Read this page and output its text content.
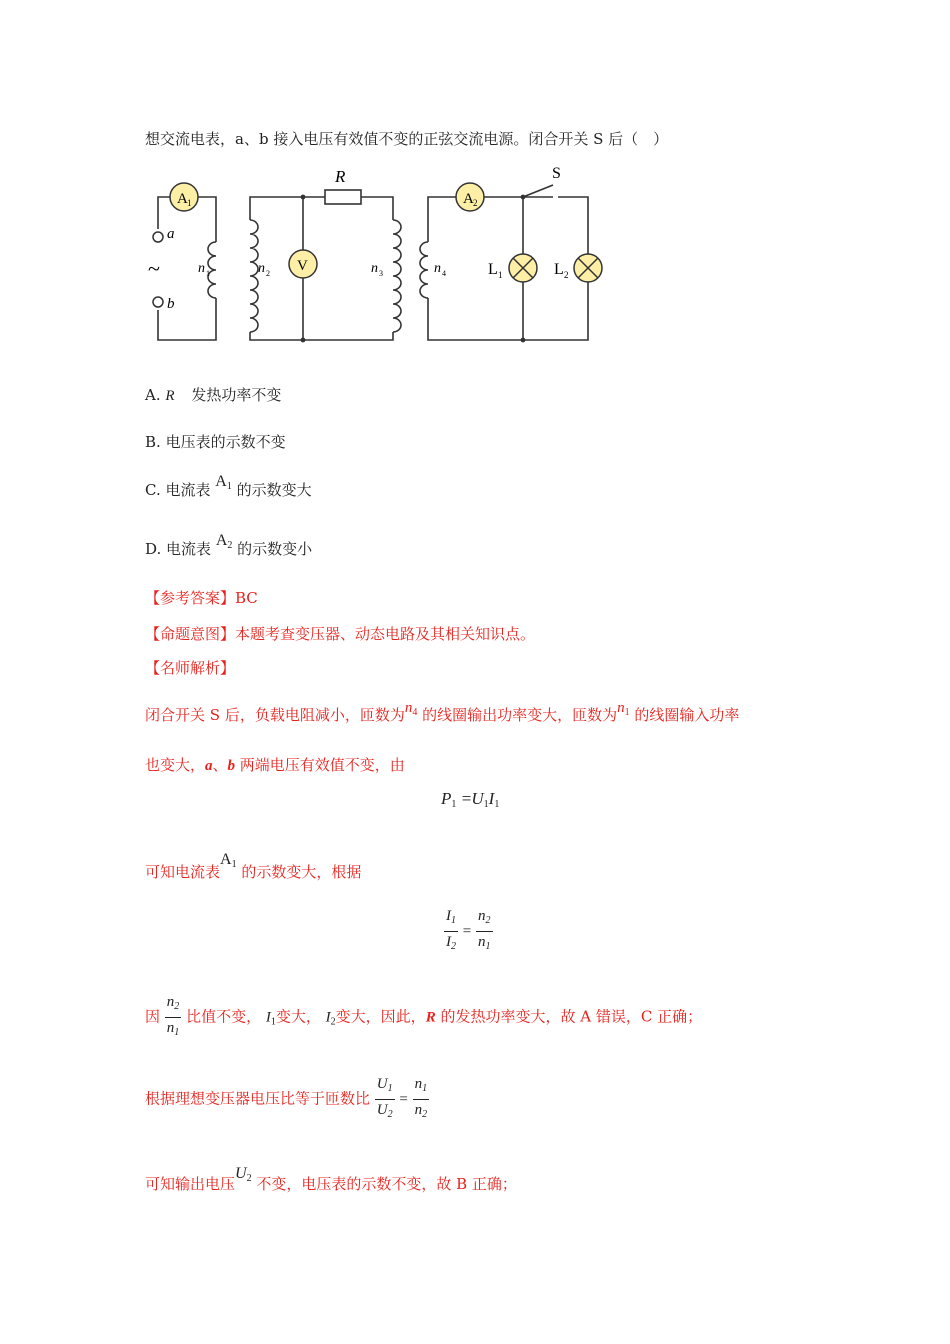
想交流电表，a、b 接入电压有效值不变的正弦交流电源。闭合开关 S 后（　）
A 1
V
A 2
R	S
a
b
~	n 1	n 2	n 3	n 4	L 1	L 2
A. R 发热功率不变
B. 电压表的示数不变
C. 电流表 $A_1$ 的示数变大
D. 电流表 $A_2$ 的示数变小
【参考答案】BC
【命题意图】本题考查变压器、动态电路及其相关知识点。
【名师解析】
闭合开关 S 后，负载电阻减小，匝数为$n_4$ 的线圈输出功率变大，匝数为$n_1$ 的线圈输入功率
也变大，a、b 两端电压有效值不变，由
$P_1 =U_1I_1$
可知电流表$A_1$ 的示数变大，根据
$\frac{I_1}{I_2} = \frac{n_2}{n_1}$
因 $\frac{n_2}{n_1}$ 比值不变， $I_1$变大， $I_2$变大，因此，R 的发热功率变大，故 A 错误，C 正确；
根据理想变压器电压比等于匝数比 $\frac{U_1}{U_2} = \frac{n_1}{n_2}$
可知输出电压$U_2$ 不变，电压表的示数不变，故 B 正确；
